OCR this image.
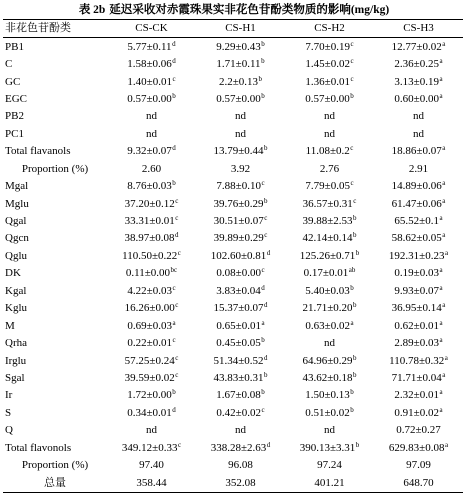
表 2b 延迟采收对赤霞珠果实非花色苷酚类物质的影响(mg/kg)
非花色苷酚类	CS-CK	CS-H1	CS-H2	CS-H3
PB1	5.77±0.11$^d$	9.29±0.43$^b$	7.70±0.19$^c$	12.77±0.02$^a$
C	1.58±0.06$^d$	1.71±0.11$^b$	1.45±0.02$^c$	2.36±0.25$^a$
GC	1.40±0.01$^c$	2.2±0.13$^b$	1.36±0.01$^c$	3.13±0.19$^a$
EGC	0.57±0.00$^b$	0.57±0.00$^b$	0.57±0.00$^b$	0.60±0.00$^a$
PB2	nd	nd	nd	nd
PC1	nd	nd	nd	nd
Total flavanols	9.32±0.07$^d$	13.79±0.44$^b$	11.08±0.2$^c$	18.86±0.07$^a$
Proportion (%)	2.60	3.92	2.76	2.91
Mgal	8.76±0.03$^b$	7.88±0.10$^c$	7.79±0.05$^c$	14.89±0.06$^a$
Mglu	37.20±0.12$^c$	39.76±0.29$^b$	36.57±0.31$^c$	61.47±0.06$^a$
Qgal	33.31±0.01$^c$	30.51±0.07$^c$	39.88±2.53$^b$	65.52±0.1$^a$
Qgcn	38.97±0.08$^d$	39.89±0.29$^c$	42.14±0.14$^b$	58.62±0.05$^a$
Qglu	110.50±0.22$^c$	102.60±0.81$^d$	125.26±0.71$^b$	192.31±0.23$^a$
DK	0.11±0.00$^{bc}$	0.08±0.00$^c$	0.17±0.01$^{ab}$	0.19±0.03$^a$
Kgal	4.22±0.03$^c$	3.83±0.04$^d$	5.40±0.03$^b$	9.93±0.07$^a$
Kglu	16.26±0.00$^c$	15.37±0.07$^d$	21.71±0.20$^b$	36.95±0.14$^a$
M	0.69±0.03$^a$	0.65±0.01$^a$	0.63±0.02$^a$	0.62±0.01$^a$
Qrha	0.22±0.01$^c$	0.45±0.05$^b$	nd	2.89±0.03$^a$
Irglu	57.25±0.24$^c$	51.34±0.52$^d$	64.96±0.29$^b$	110.78±0.32$^a$
Sgal	39.59±0.02$^c$	43.83±0.31$^b$	43.62±0.18$^b$	71.71±0.04$^a$
Ir	1.72±0.00$^b$	1.67±0.08$^b$	1.50±0.13$^b$	2.32±0.01$^a$
S	0.34±0.01$^d$	0.42±0.02$^c$	0.51±0.02$^b$	0.91±0.02$^a$
Q	nd	nd	nd	0.72±0.27
Total flavonols	349.12±0.33$^c$	338.28±2.63$^d$	390.13±3.31$^b$	629.83±0.08$^a$
Proportion (%)	97.40	96.08	97.24	97.09
总量	358.44	352.08	401.21	648.70
